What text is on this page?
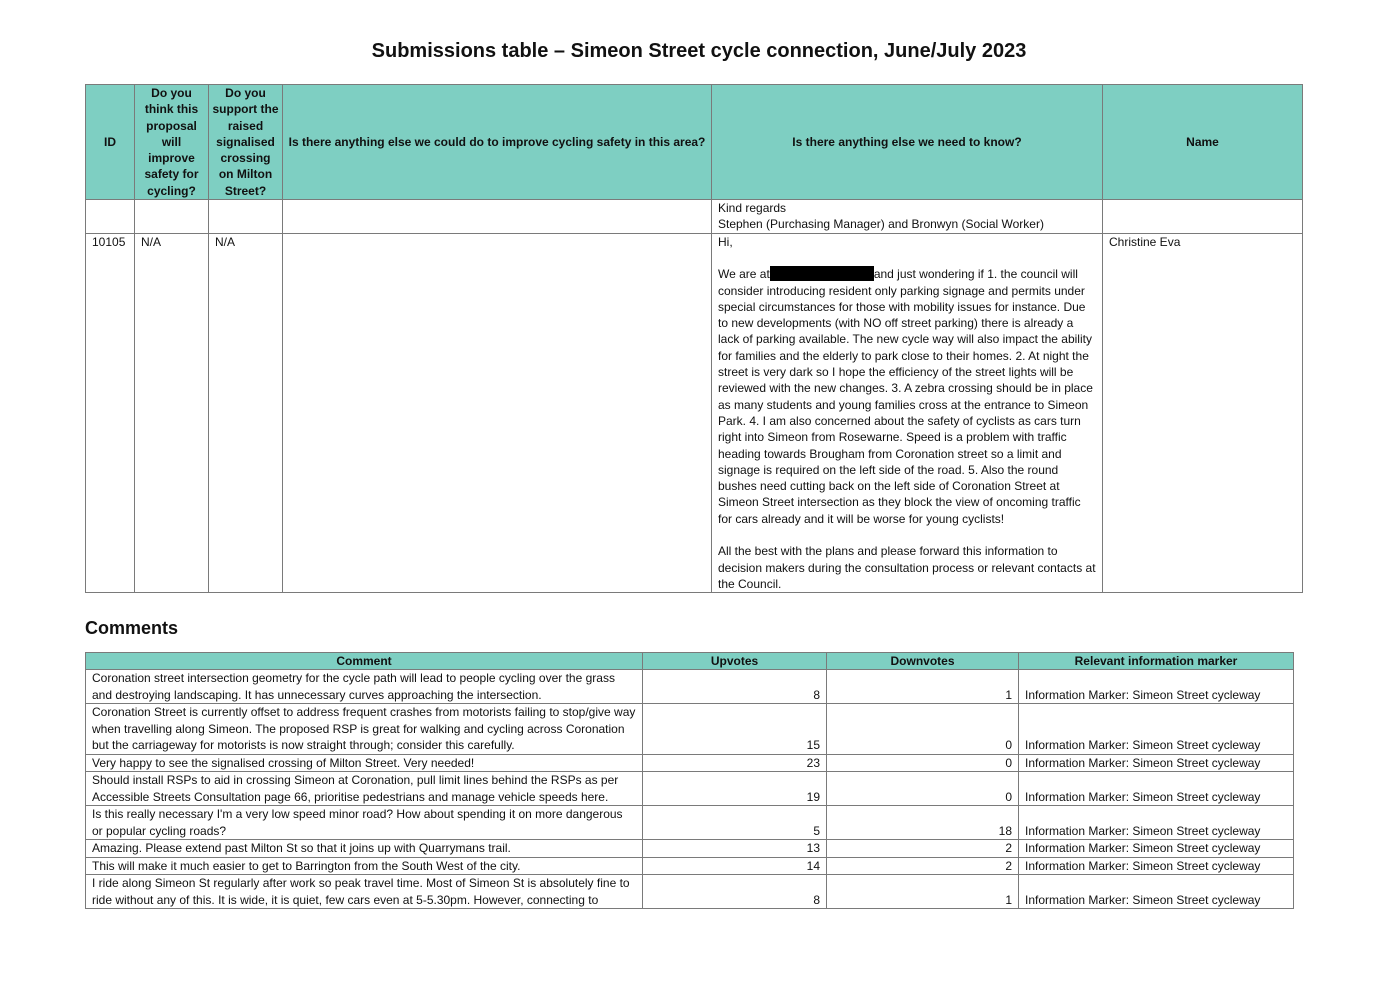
Submissions table – Simeon Street cycle connection, June/July 2023
ID	Do you think this proposal will improve safety for cycling?	Do you support the raised signalised crossing on Milton Street?	Is there anything else we could do to improve cycling safety in this area?	Is there anything else we need to know?	Name

				Kind regards
Stephen (Purchasing Manager) and Bronwyn (Social Worker)	

10105	N/A	N/A		Hi,
We are at and just wondering if 1. the council will consider introducing resident only parking signage and permits under special circumstances for those with mobility issues for instance. Due to new developments (with NO off street parking) there is already a lack of parking available. The new cycle way will also impact the ability for families and the elderly to park close to their homes. 2. At night the street is very dark so I hope the efficiency of the street lights will be reviewed with the new changes. 3. A zebra crossing should be in place as many students and young families cross at the entrance to Simeon Park. 4. I am also concerned about the safety of cyclists as cars turn right into Simeon from Rosewarne. Speed is a problem with traffic heading towards Brougham from Coronation street so a limit and signage is required on the left side of the road. 5. Also the round bushes need cutting back on the left side of Coronation Street at Simeon Street intersection as they block the view of oncoming traffic for cars already and it will be worse for young cyclists!
All the best with the plans and please forward this information to decision makers during the consultation process or relevant contacts at the Council.	Christine Eva
Comments
Comment	Upvotes	Downvotes	Relevant information marker
Coronation street intersection geometry for the cycle path will lead to people cycling over the grass and destroying landscaping. It has unnecessary curves approaching the intersection.	8	1	Information Marker: Simeon Street cycleway
Coronation Street is currently offset to address frequent crashes from motorists failing to stop/give way when travelling along Simeon. The proposed RSP is great for walking and cycling across Coronation but the carriageway for motorists is now straight through; consider this carefully.	15	0	Information Marker: Simeon Street cycleway
Very happy to see the signalised crossing of Milton Street. Very needed!	23	0	Information Marker: Simeon Street cycleway
Should install RSPs to aid in crossing Simeon at Coronation, pull limit lines behind the RSPs as per Accessible Streets Consultation page 66, prioritise pedestrians and manage vehicle speeds here.	19	0	Information Marker: Simeon Street cycleway
Is this really necessary I'm a very low speed minor road? How about spending it on more dangerous or popular cycling roads?	5	18	Information Marker: Simeon Street cycleway
Amazing. Please extend past Milton St so that it joins up with Quarrymans trail.	13	2	Information Marker: Simeon Street cycleway
This will make it much easier to get to Barrington from the South West of the city.	14	2	Information Marker: Simeon Street cycleway
I ride along Simeon St regularly after work so peak travel time. Most of Simeon St is absolutely fine to ride without any of this. It is wide, it is quiet, few cars even at 5-5.30pm. However, connecting to	8	1	Information Marker: Simeon Street cycleway
